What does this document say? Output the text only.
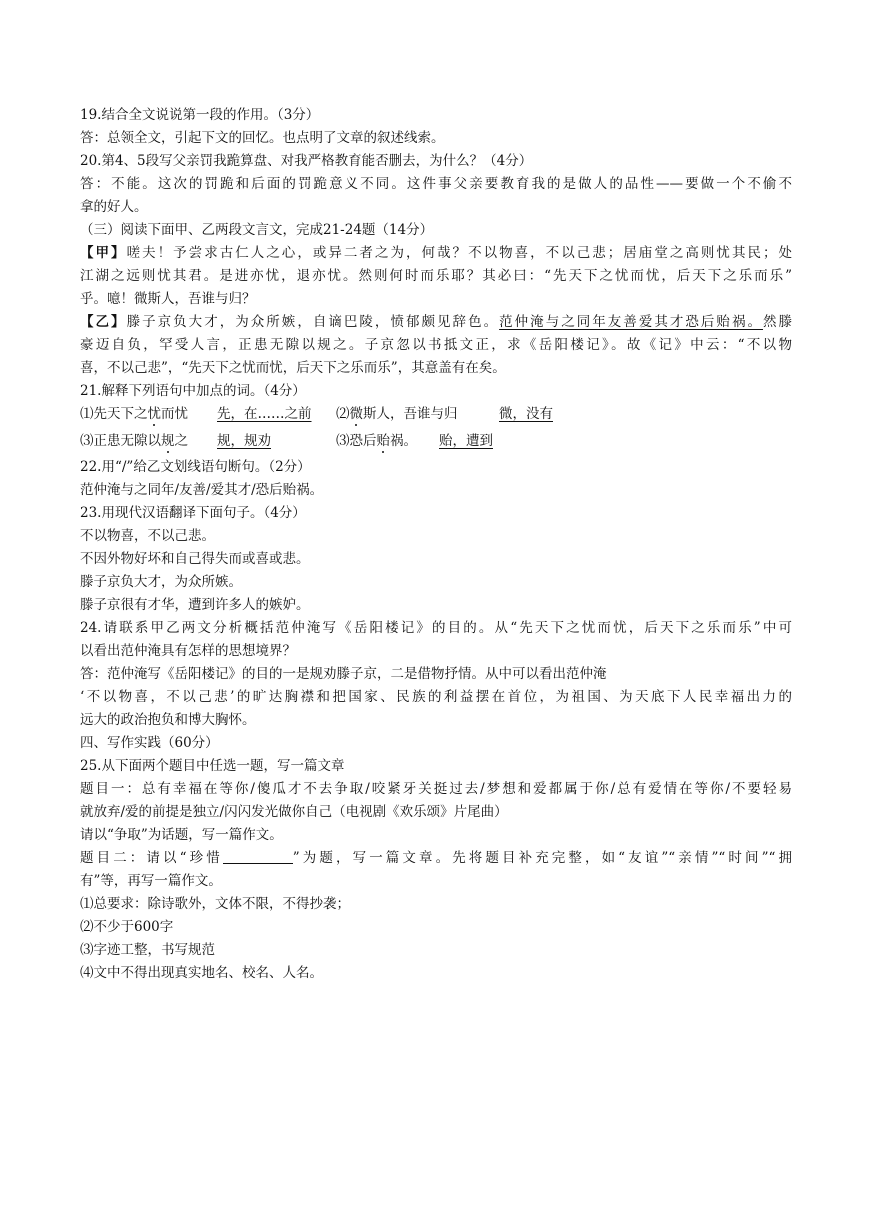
19.结合全文说说第一段的作用。（3分）
答：总领全文，引起下文的回忆。也点明了文章的叙述线索。
20.第4、5段写父亲罚我跪算盘、对我严格教育能否删去，为什么？（4分）
答：不能。这次的罚跪和后面的罚跪意义不同。这件事父亲要教育我的是做人的品性——要做一个不偷不
拿的好人。
（三）阅读下面甲、乙两段文言文，完成21-24题（14分）
【甲】嗟夫！予尝求古仁人之心，或异二者之为，何哉？不以物喜，不以己悲；居庙堂之高则忧其民；处
江湖之远则忧其君。是进亦忧，退亦忧。然则何时而乐耶？其必曰：“先天下之忧而忧，后天下之乐而乐”
乎。噫！微斯人，吾谁与归？
【乙】滕子京负大才，为众所嫉，自谪巴陵，愤郁颇见辞色。范仲淹与之同年友善爱其才恐后贻祸。然滕
豪迈自负，罕受人言，正患无隙以规之。子京忽以书抵文正，求《岳阳楼记》。故《记》中云：“不以物
喜，不以己悲”，“先天下之忧而忧，后天下之乐而乐”，其意盖有在矣。
21.解释下列语句中加点的词。（4分）
⑴先天下之忧而忧 先，在……之前 ⑵微斯人，吾谁与归	微，没有
⑶正患无隙以规之 规，规劝	⑶恐后贻祸。 贻，遭到
22.用“/”给乙文划线语句断句。（2分）
范仲淹与之同年/友善/爱其才/恐后贻祸。
23.用现代汉语翻译下面句子。（4分）
不以物喜，不以己悲。
不因外物好坏和自己得失而或喜或悲。
滕子京负大才，为众所嫉。
滕子京很有才华，遭到许多人的嫉妒。
24.请联系甲乙两文分析概括范仲淹写《岳阳楼记》的目的。从“先天下之忧而忧，后天下之乐而乐”中可
以看出范仲淹具有怎样的思想境界？
答：范仲淹写《岳阳楼记》的目的一是规劝滕子京，二是借物抒情。从中可以看出范仲淹
‘不以物喜，不以己悲’的旷达胸襟和把国家、民族的利益摆在首位，为祖国、为天底下人民幸福出力的
远大的政治抱负和博大胸怀。
四、写作实践（60分）
25.从下面两个题目中任选一题，写一篇文章
题目一：总有幸福在等你/傻瓜才不去争取/咬紧牙关挺过去/梦想和爱都属于你/总有爱情在等你/不要轻易
就放弃/爱的前提是独立/闪闪发光做你自己（电视剧《欢乐颂》片尾曲）
请以“争取”为话题，写一篇作文。
题目二：请以“珍惜	”为题，写一篇文章。先将题目补充完整，如“友谊”“亲情”“时间”“拥
有”等，再写一篇作文。
⑴总要求：除诗歌外，文体不限，不得抄袭；
⑵不少于600字
⑶字迹工整，书写规范
⑷文中不得出现真实地名、校名、人名。
